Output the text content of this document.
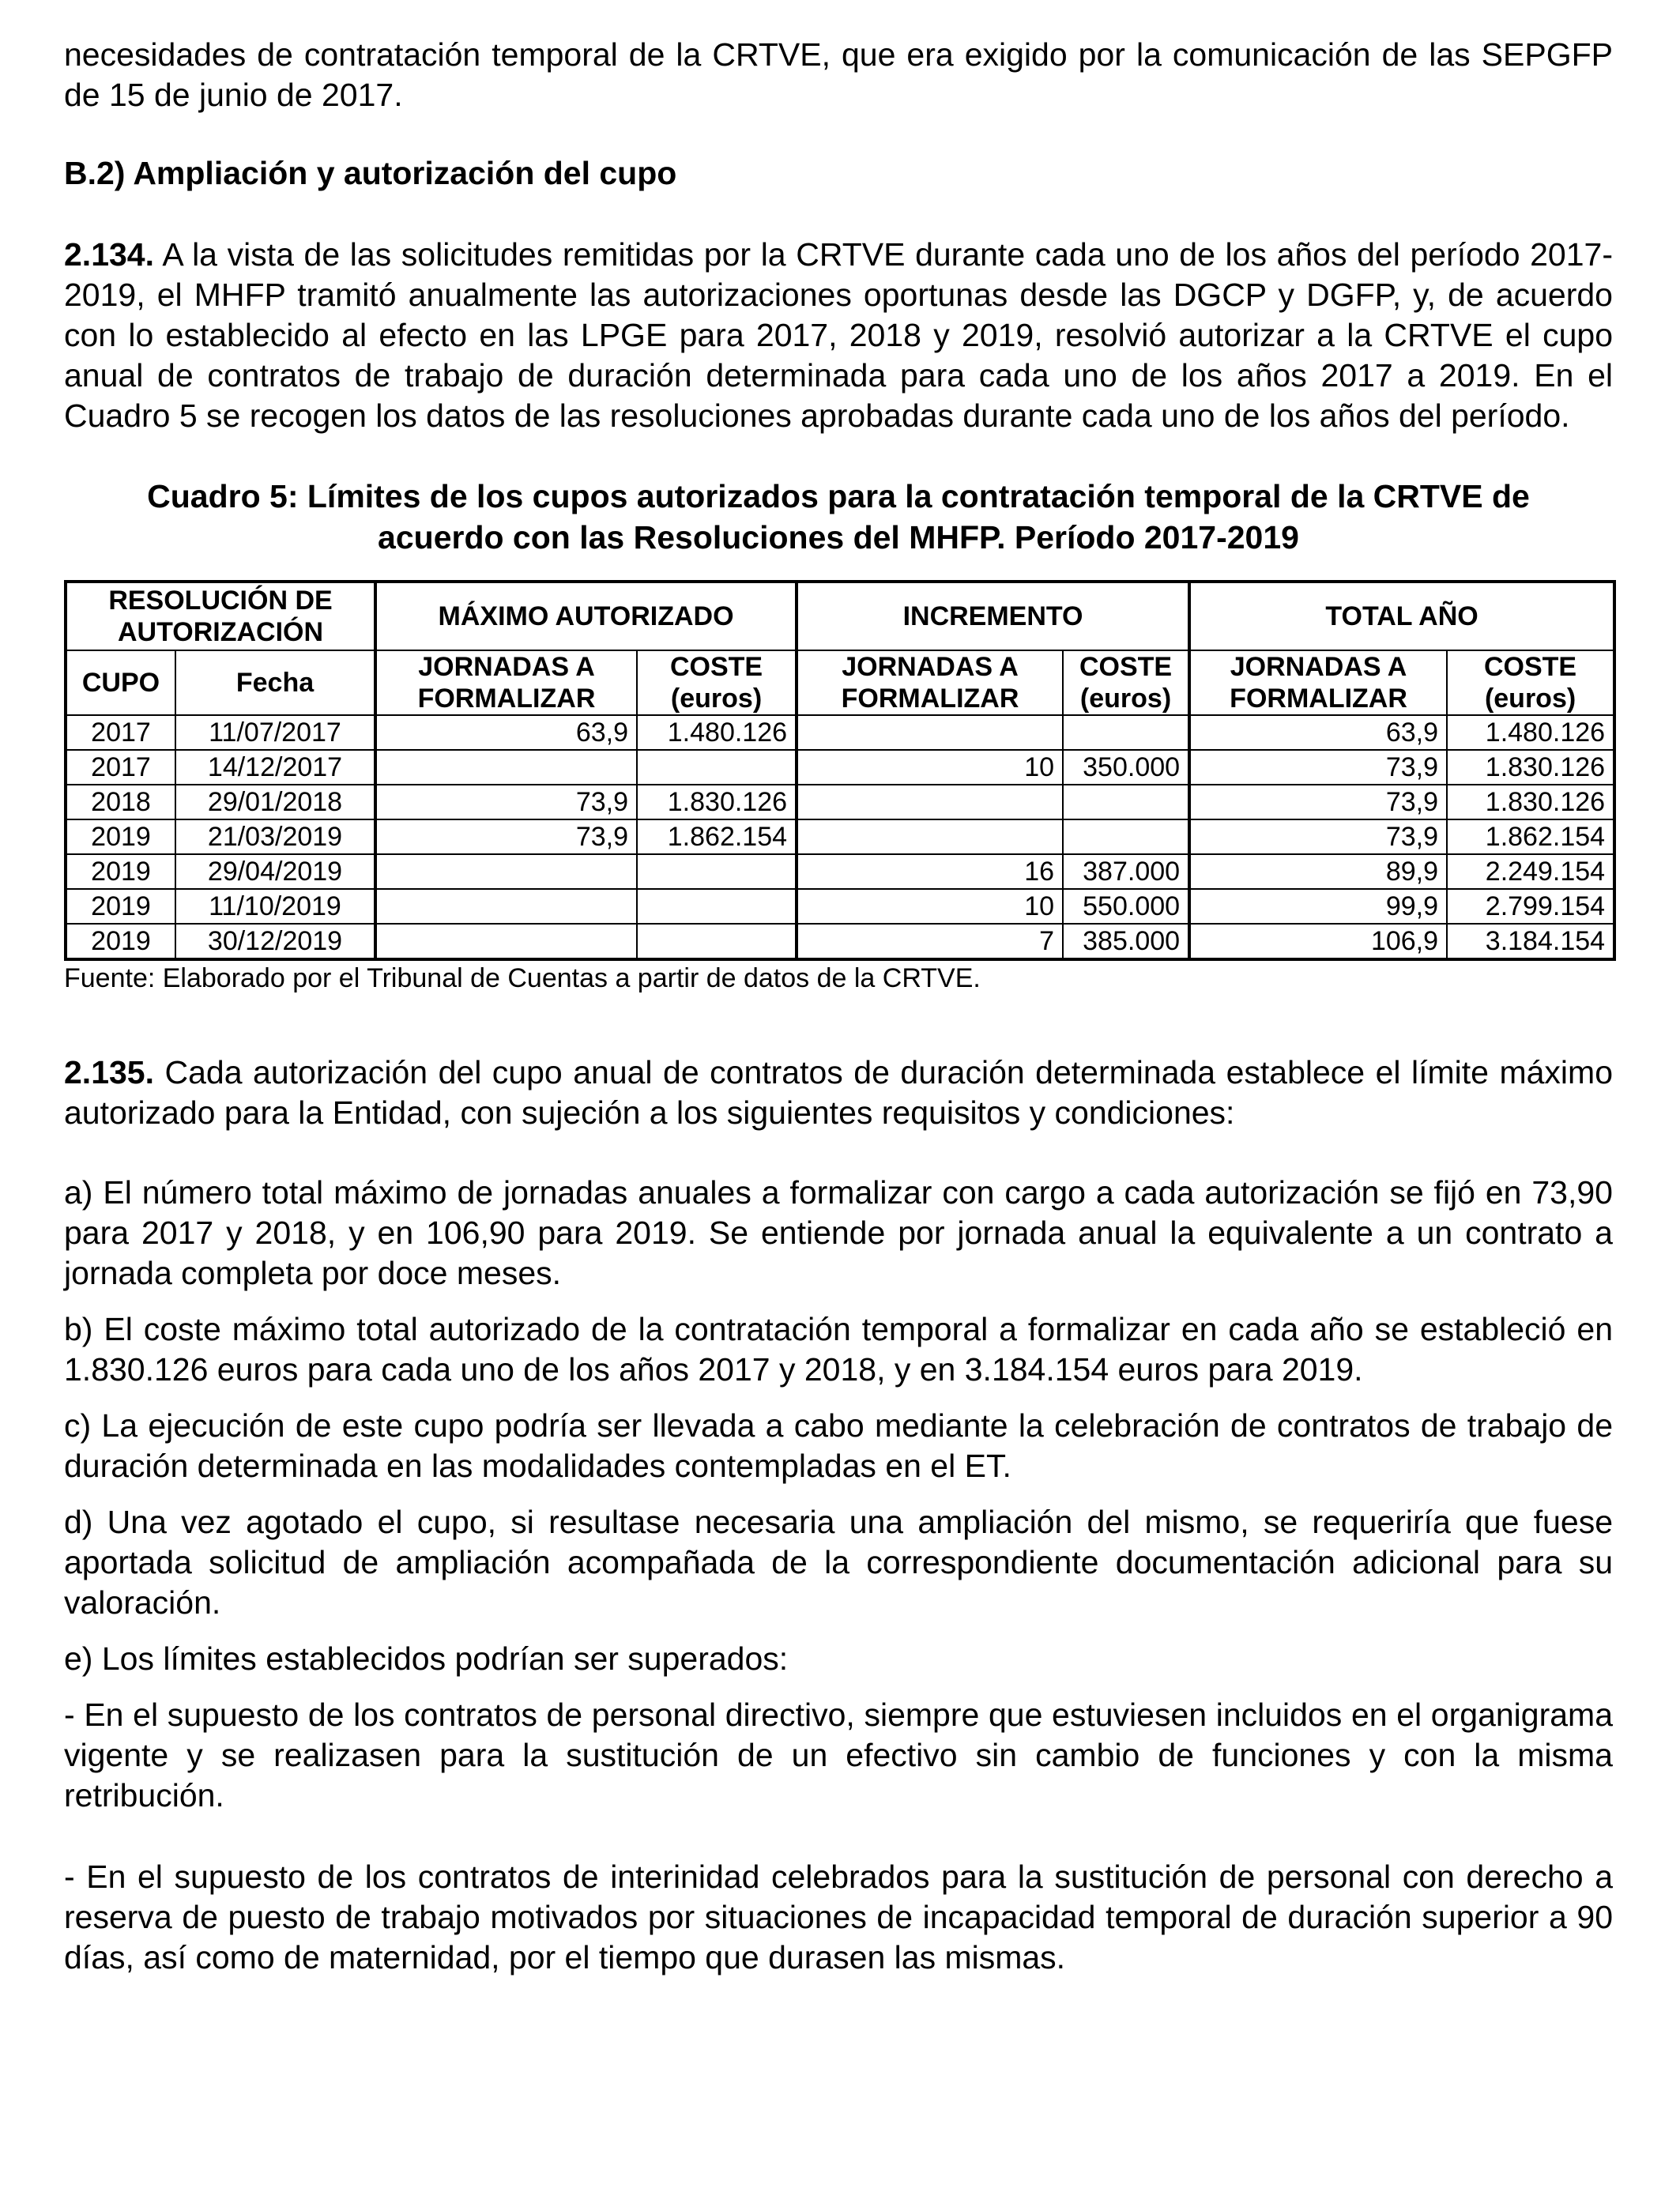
necesidades de contratación temporal de la CRTVE, que era exigido por la comunicación de las SEPGFP de 15 de junio de 2017.

B.2) Ampliación y autorización del cupo

2.134. A la vista de las solicitudes remitidas por la CRTVE durante cada uno de los años del período 2017-2019, el MHFP tramitó anualmente las autorizaciones oportunas desde las DGCP y DGFP, y, de acuerdo con lo establecido al efecto en las LPGE para 2017, 2018 y 2019, resolvió autorizar a la CRTVE el cupo anual de contratos de trabajo de duración determinada para cada uno de los años 2017 a 2019. En el Cuadro 5 se recogen los datos de las resoluciones aprobadas durante cada uno de los años del período.

Cuadro 5: Límites de los cupos autorizados para la contratación temporal de la CRTVE de acuerdo con las Resoluciones del MHFP. Período 2017-2019
RESOLUCIÓN DE AUTORIZACIÓN		MÁXIMO AUTORIZADO		INCREMENTO		TOTAL AÑO	
CUPO	Fecha	JORNADAS A FORMALIZAR	COSTE (euros)	JORNADAS A FORMALIZAR	COSTE (euros)	JORNADAS A FORMALIZAR	COSTE (euros)
2017	11/07/2017	63,9	1.480.126			63,9	1.480.126
2017	14/12/2017			10	350.000	73,9	1.830.126
2018	29/01/2018	73,9	1.830.126			73,9	1.830.126
2019	21/03/2019	73,9	1.862.154			73,9	1.862.154
2019	29/04/2019			16	387.000	89,9	2.249.154
2019	11/10/2019			10	550.000	99,9	2.799.154
2019	30/12/2019			7	385.000	106,9	3.184.154
Fuente: Elaborado por el Tribunal de Cuentas a partir de datos de la CRTVE.

2.135. Cada autorización del cupo anual de contratos de duración determinada establece el límite máximo autorizado para la Entidad, con sujeción a los siguientes requisitos y condiciones:

a) El número total máximo de jornadas anuales a formalizar con cargo a cada autorización se fijó en 73,90 para 2017 y 2018, y en 106,90 para 2019. Se entiende por jornada anual la equivalente a un contrato a jornada completa por doce meses.

b) El coste máximo total autorizado de la contratación temporal a formalizar en cada año se estableció en 1.830.126 euros para cada uno de los años 2017 y 2018, y en 3.184.154 euros para 2019.

c) La ejecución de este cupo podría ser llevada a cabo mediante la celebración de contratos de trabajo de duración determinada en las modalidades contempladas en el ET.

d) Una vez agotado el cupo, si resultase necesaria una ampliación del mismo, se requeriría que fuese aportada solicitud de ampliación acompañada de la correspondiente documentación adicional para su valoración.

e) Los límites establecidos podrían ser superados:

- En el supuesto de los contratos de personal directivo, siempre que estuviesen incluidos en el organigrama vigente y se realizasen para la sustitución de un efectivo sin cambio de funciones y con la misma retribución.

- En el supuesto de los contratos de interinidad celebrados para la sustitución de personal con derecho a reserva de puesto de trabajo motivados por situaciones de incapacidad temporal de duración superior a 90 días, así como de maternidad, por el tiempo que durasen las mismas.
